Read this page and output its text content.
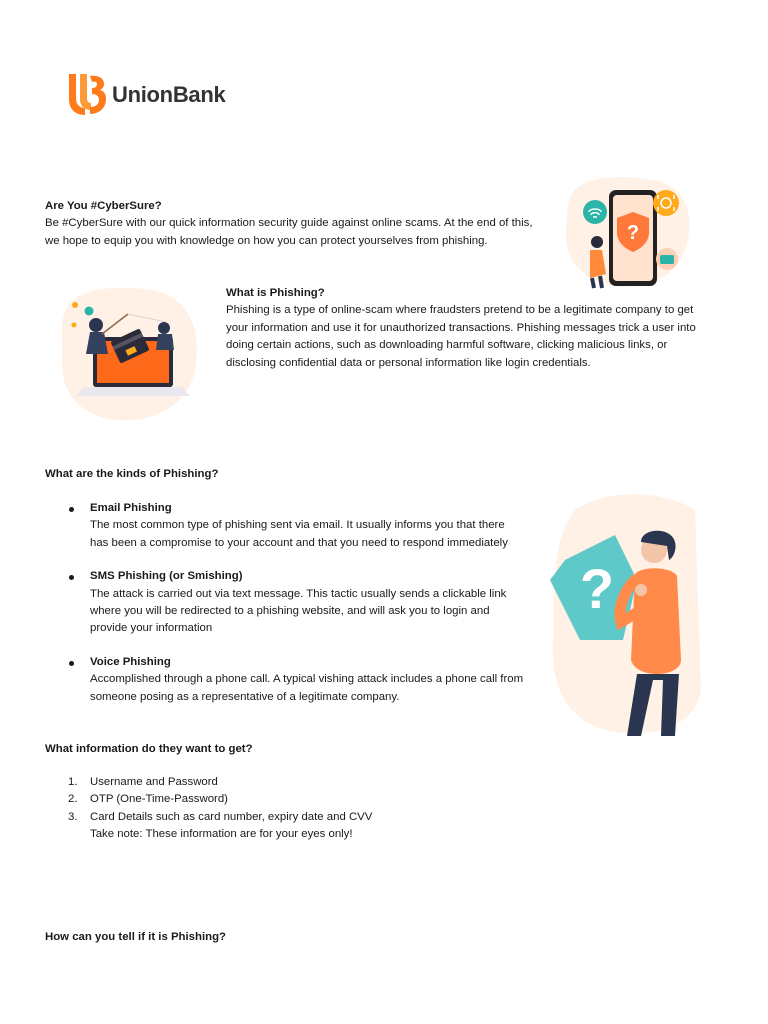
UnionBank

Are You #CyberSure?

Be #CyberSure with our quick information security guide against online scams. At the end of this,

we hope to equip you with knowledge on how you can protect yourselves from phishing.	?

What is Phishing?

Phishing is a type of online-scam where fraudsters pretend to be a legitimate company to get

your information and use it for unauthorized transactions. Phishing messages trick a user into

doing certain actions, such as downloading harmful software, clicking malicious links, or

disclosing confidential data or personal information like login credentials.

What are the kinds of Phishing?
Email Phishing
The most common type of phishing sent via email. It usually informs you that there
has been a compromise to your account and that you need to respond immediately
SMS Phishing (or Smishing)
The attack is carried out via text message. This tactic usually sends a clickable link
where you will be redirected to a phishing website, and will ask you to login and
provide your information
Voice Phishing
Accomplished through a phone call. A typical vishing attack includes a phone call from
someone posing as a representative of a legitimate company.
?
What information do they want to get?
1. Username and Password
2. OTP (One-Time-Password)
3. Card Details such as card number, expiry date and CVV
Take note: These information are for your eyes only!
How can you tell if it is Phishing?
